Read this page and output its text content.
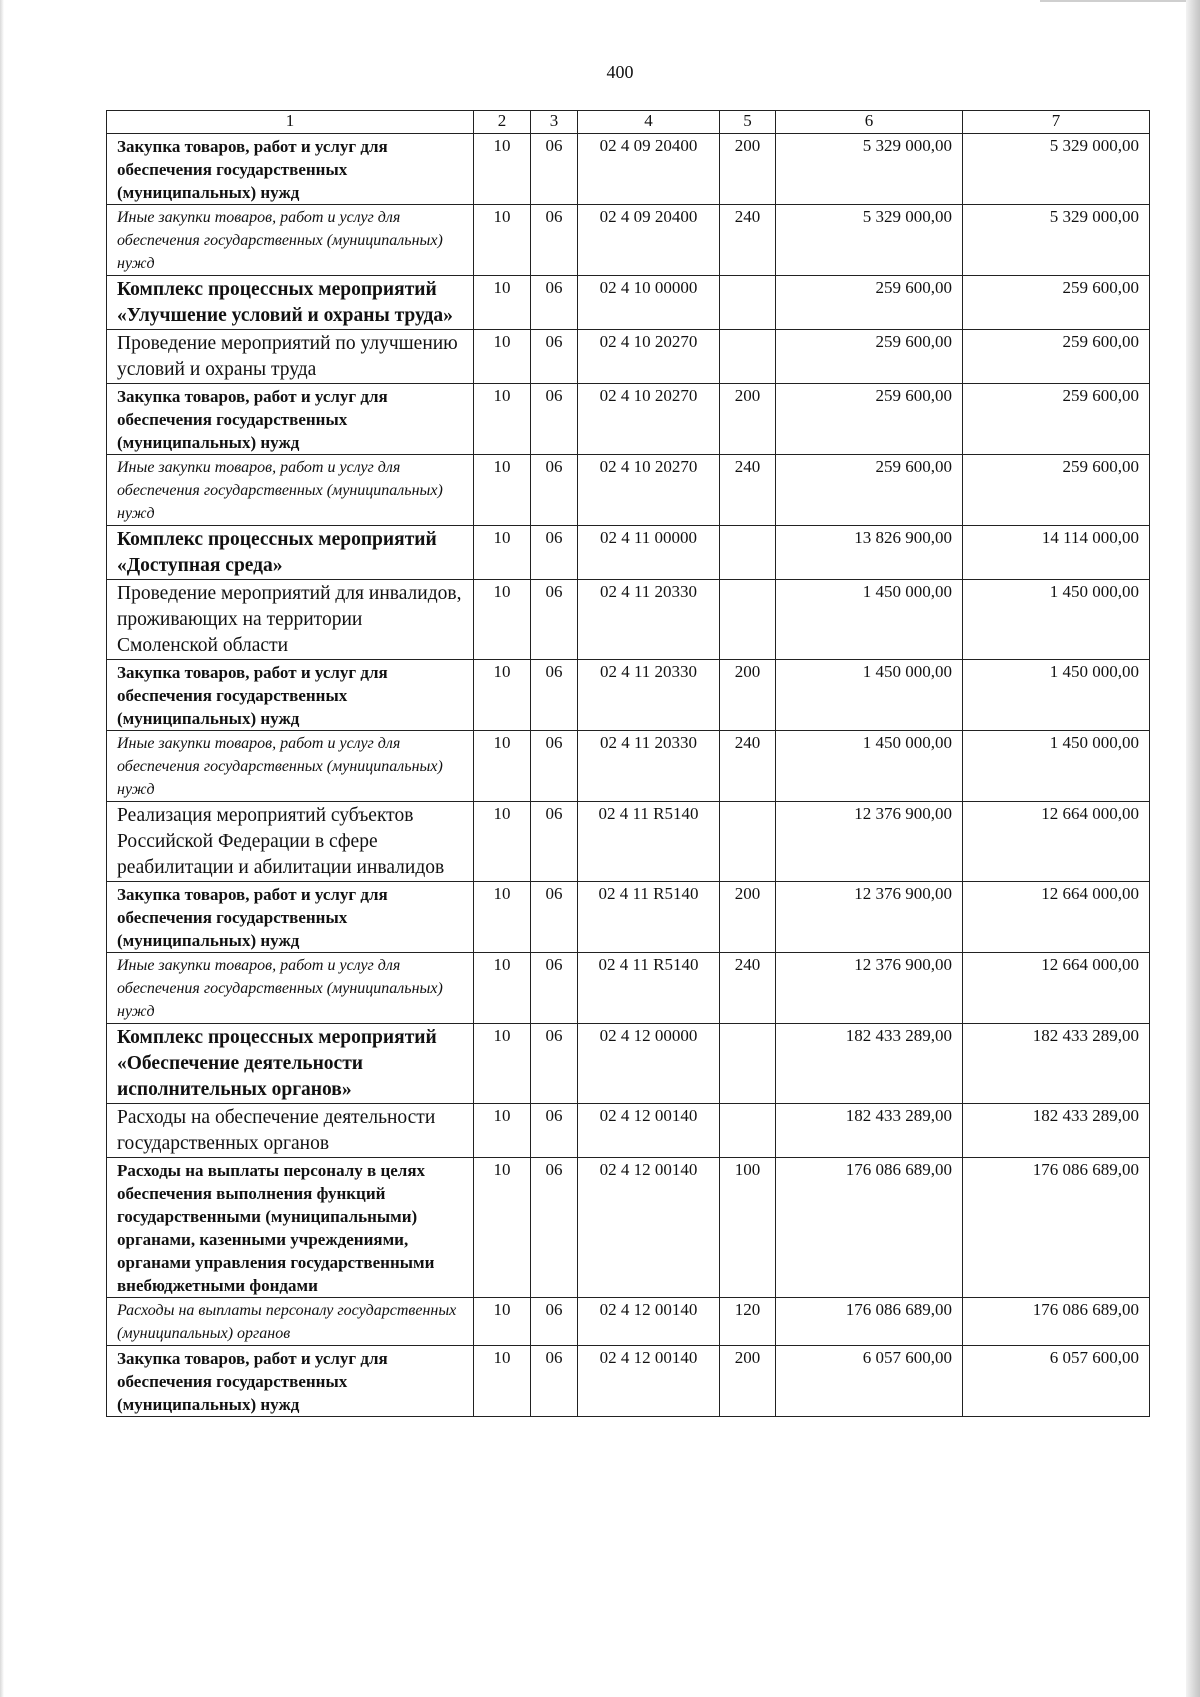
400
1	2	3	4	5	6	7
Закупка товаров, работ и услуг для обеспечения государственных (муниципальных) нужд	10	06	02 4 09 20400	200	5 329 000,00	5 329 000,00
Иные закупки товаров, работ и услуг для обеспечения государственных (муниципальных) нужд	10	06	02 4 09 20400	240	5 329 000,00	5 329 000,00
Комплекс процессных мероприятий «Улучшение условий и охраны труда»	10	06	02 4 10 00000		259 600,00	259 600,00
Проведение мероприятий по улучшению условий и охраны труда	10	06	02 4 10 20270		259 600,00	259 600,00
Закупка товаров, работ и услуг для обеспечения государственных (муниципальных) нужд	10	06	02 4 10 20270	200	259 600,00	259 600,00
Иные закупки товаров, работ и услуг для обеспечения государственных (муниципальных) нужд	10	06	02 4 10 20270	240	259 600,00	259 600,00
Комплекс процессных мероприятий «Доступная среда»	10	06	02 4 11 00000		13 826 900,00	14 114 000,00
Проведение мероприятий для инвалидов, проживающих на территории Смоленской области	10	06	02 4 11 20330		1 450 000,00	1 450 000,00
Закупка товаров, работ и услуг для обеспечения государственных (муниципальных) нужд	10	06	02 4 11 20330	200	1 450 000,00	1 450 000,00
Иные закупки товаров, работ и услуг для обеспечения государственных (муниципальных) нужд	10	06	02 4 11 20330	240	1 450 000,00	1 450 000,00
Реализация мероприятий субъектов Российской Федерации в сфере реабилитации и абилитации инвалидов	10	06	02 4 11 R5140		12 376 900,00	12 664 000,00
Закупка товаров, работ и услуг для обеспечения государственных (муниципальных) нужд	10	06	02 4 11 R5140	200	12 376 900,00	12 664 000,00
Иные закупки товаров, работ и услуг для обеспечения государственных (муниципальных) нужд	10	06	02 4 11 R5140	240	12 376 900,00	12 664 000,00
Комплекс процессных мероприятий «Обеспечение деятельности исполнительных органов»	10	06	02 4 12 00000		182 433 289,00	182 433 289,00
Расходы на обеспечение деятельности государственных органов	10	06	02 4 12 00140		182 433 289,00	182 433 289,00
Расходы на выплаты персоналу в целях обеспечения выполнения функций государственными (муниципальными) органами, казенными учреждениями, органами управления государственными внебюджетными фондами	10	06	02 4 12 00140	100	176 086 689,00	176 086 689,00
Расходы на выплаты персоналу государственных (муниципальных) органов	10	06	02 4 12 00140	120	176 086 689,00	176 086 689,00
Закупка товаров, работ и услуг для обеспечения государственных (муниципальных) нужд	10	06	02 4 12 00140	200	6 057 600,00	6 057 600,00
